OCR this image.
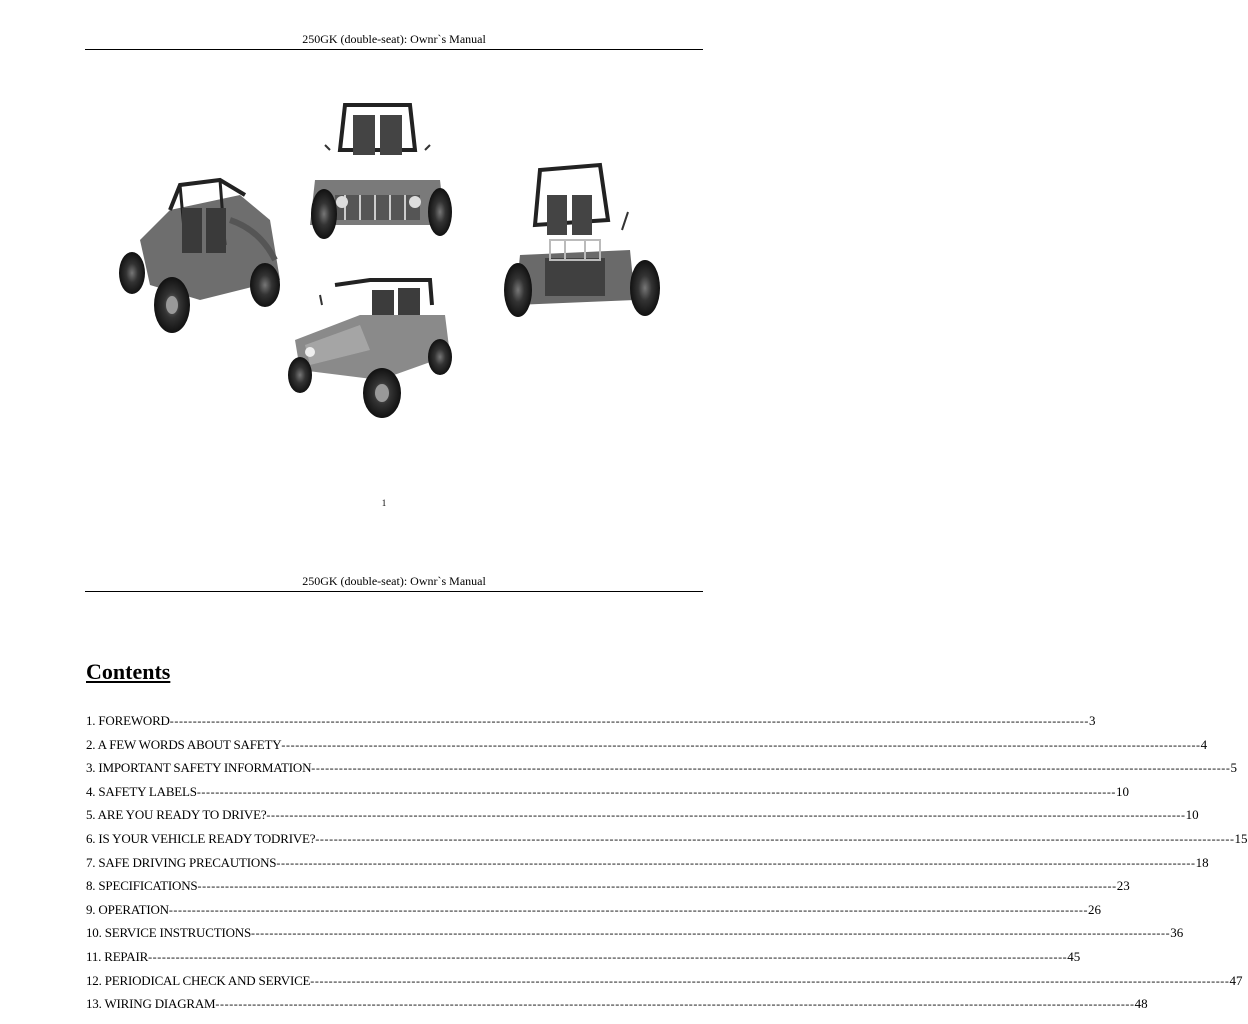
250GK (double-seat): Ownr`s Manual
1
250GK (double-seat): Ownr`s Manual
Contents
1. FOREWORD -------------------------------------------------------------------------------------------------------------------------------------------------------------------------------------------------------- 3
2. A FEW WORDS ABOUT SAFETY -------------------------------------------------------------------------------------------------------------------------------------------------------------------------------------------------------- 4
3. IMPORTANT SAFETY INFORMATION -------------------------------------------------------------------------------------------------------------------------------------------------------------------------------------------------------- 5
4. SAFETY LABELS -------------------------------------------------------------------------------------------------------------------------------------------------------------------------------------------------------- 10
5. ARE YOU READY TO DRIVE? -------------------------------------------------------------------------------------------------------------------------------------------------------------------------------------------------------- 10
6. IS YOUR VEHICLE READY TODRIVE? -------------------------------------------------------------------------------------------------------------------------------------------------------------------------------------------------------- 15
7. SAFE DRIVING PRECAUTIONS -------------------------------------------------------------------------------------------------------------------------------------------------------------------------------------------------------- 18
8. SPECIFICATIONS -------------------------------------------------------------------------------------------------------------------------------------------------------------------------------------------------------- 23
9. OPERATION -------------------------------------------------------------------------------------------------------------------------------------------------------------------------------------------------------- 26
10. SERVICE INSTRUCTIONS -------------------------------------------------------------------------------------------------------------------------------------------------------------------------------------------------------- 36
11. REPAIR -------------------------------------------------------------------------------------------------------------------------------------------------------------------------------------------------------- 45
12. PERIODICAL CHECK AND SERVICE -------------------------------------------------------------------------------------------------------------------------------------------------------------------------------------------------------- 47
13. WIRING DIAGRAM -------------------------------------------------------------------------------------------------------------------------------------------------------------------------------------------------------- 48
